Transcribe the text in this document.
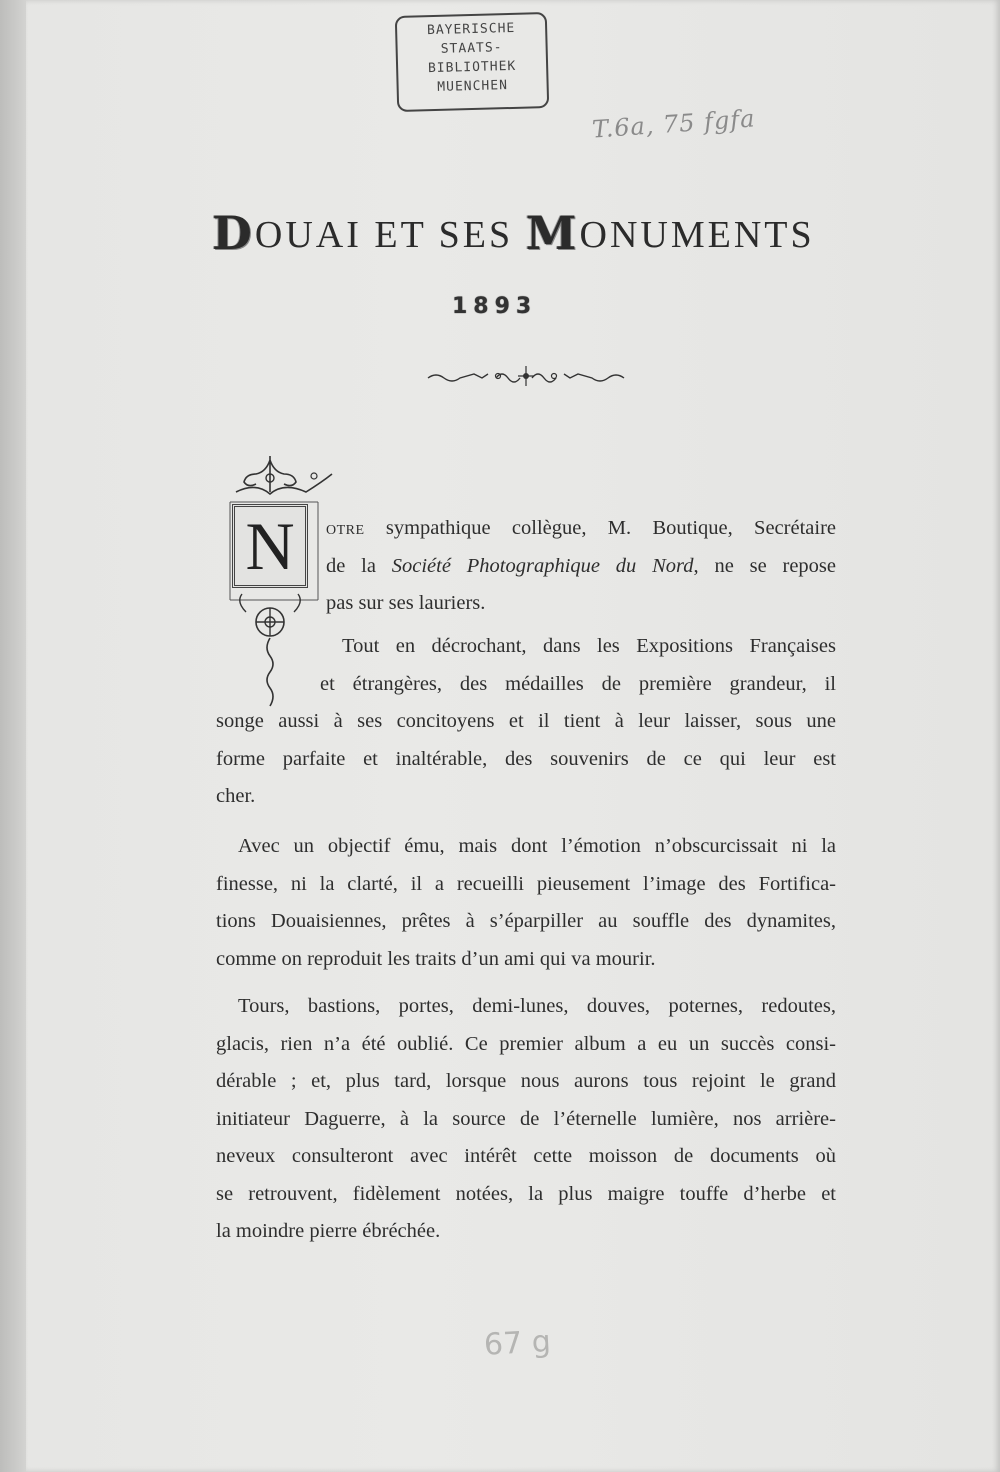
BAYERISCHE
STAATS-
BIBLIOTHEK
MUENCHEN
T.6a, 75 fgfa
DOUAI ET SES MONUMENTS
1893
N otre sympathique collègue, M. Boutique, Secrétaire
de la Société Photographique du Nord, ne se repose
pas sur ses lauriers.
Tout en décrochant, dans les Expositions Françaises
et étrangères, des médailles de première grandeur, il
songe aussi à ses concitoyens et il tient à leur laisser, sous une
forme parfaite et inaltérable, des souvenirs de ce qui leur est
cher.
Avec un objectif ému, mais dont l’émotion n’obscurcissait ni la
finesse, ni la clarté, il a recueilli pieusement l’image des Fortifica-
tions Douaisiennes, prêtes à s’éparpiller au souffle des dynamites,
comme on reproduit les traits d’un ami qui va mourir.
Tours, bastions, portes, demi-lunes, douves, poternes, redoutes,
glacis, rien n’a été oublié. Ce premier album a eu un succès consi-
dérable ; et, plus tard, lorsque nous aurons tous rejoint le grand
initiateur Daguerre, à la source de l’éternelle lumière, nos arrière-
neveux consulteront avec intérêt cette moisson de documents où
se retrouvent, fidèlement notées, la plus maigre touffe d’herbe et
la moindre pierre ébréchée.
67 g
